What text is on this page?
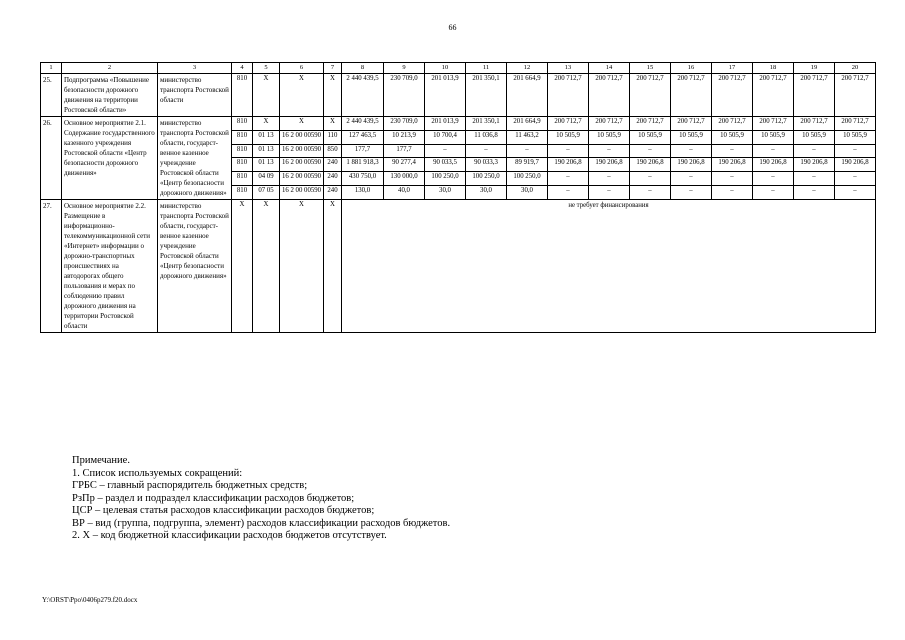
66
1	2	3	4	5	6	7	8	9	10	11	12	13	14	15	16	17	18	19	20
25.	Подпрограмма «Повышение безопасности дорожного движения на территории Ростовской области»	министерство транспорта Ростовской области	810	X	X	X	2 440 439,5	230 709,0	201 013,9	201 350,1	201 664,9	200 712,7	200 712,7	200 712,7	200 712,7	200 712,7	200 712,7	200 712,7	200 712,7
26.	Основное мероприятие 2.1. Содержание государственного казенного учреждения Ростовской области «Центр безопасности дорожного движения»	министерство транспорта Ростовской области, государст-венное казенное учреждение Ростовской области «Центр безопасности дорожного движения»	810	X	X	X	2 440 439,5	230 709,0	201 013,9	201 350,1	201 664,9	200 712,7	200 712,7	200 712,7	200 712,7	200 712,7	200 712,7	200 712,7	200 712,7
			810	01 13	16 2 00 00590	110	127 463,5	10 213,9	10 700,4	11 036,8	11 463,2	10 505,9	10 505,9	10 505,9	10 505,9	10 505,9	10 505,9	10 505,9	10 505,9
			810	01 13	16 2 00 00590	850	177,7	177,7	–	–	–	–	–	–	–	–	–	–	–
			810	01 13	16 2 00 00590	240	1 881 918,3	90 277,4	90 033,5	90 033,3	89 919,7	190 206,8	190 206,8	190 206,8	190 206,8	190 206,8	190 206,8	190 206,8	190 206,8
			810	04 09	16 2 00 00590	240	430 750,0	130 000,0	100 250,0	100 250,0	100 250,0	–	–	–	–	–	–	–	–
			810	07 05	16 2 00 00590	240	130,0	40,0	30,0	30,0	30,0	–	–	–	–	–	–	–	–
27.	Основное мероприятие 2.2. Размещение в информационно-телекоммуникационной сети «Интернет» информации о дорожно-транспортных происшествиях на автодорогах общего пользования и мерах по соблюдению правил дорожного движения на территории Ростовской области	министерство транспорта Ростовской области, государст-венное казенное учреждение Ростовской области «Центр безопасности дорожного движения»	X	X	X	X	не требует финансирования												
Примечание.
1. Список используемых сокращений:
ГРБС – главный распорядитель бюджетных средств;
РзПр – раздел и подраздел классификации расходов бюджетов;
ЦСР – целевая статья расходов классификации расходов бюджетов;
ВР – вид (группа, подгруппа, элемент) расходов классификации расходов бюджетов.
2. Х – код бюджетной классификации расходов бюджетов отсутствует.
Y:\ORST\Ppo\0406p279.f20.docx
